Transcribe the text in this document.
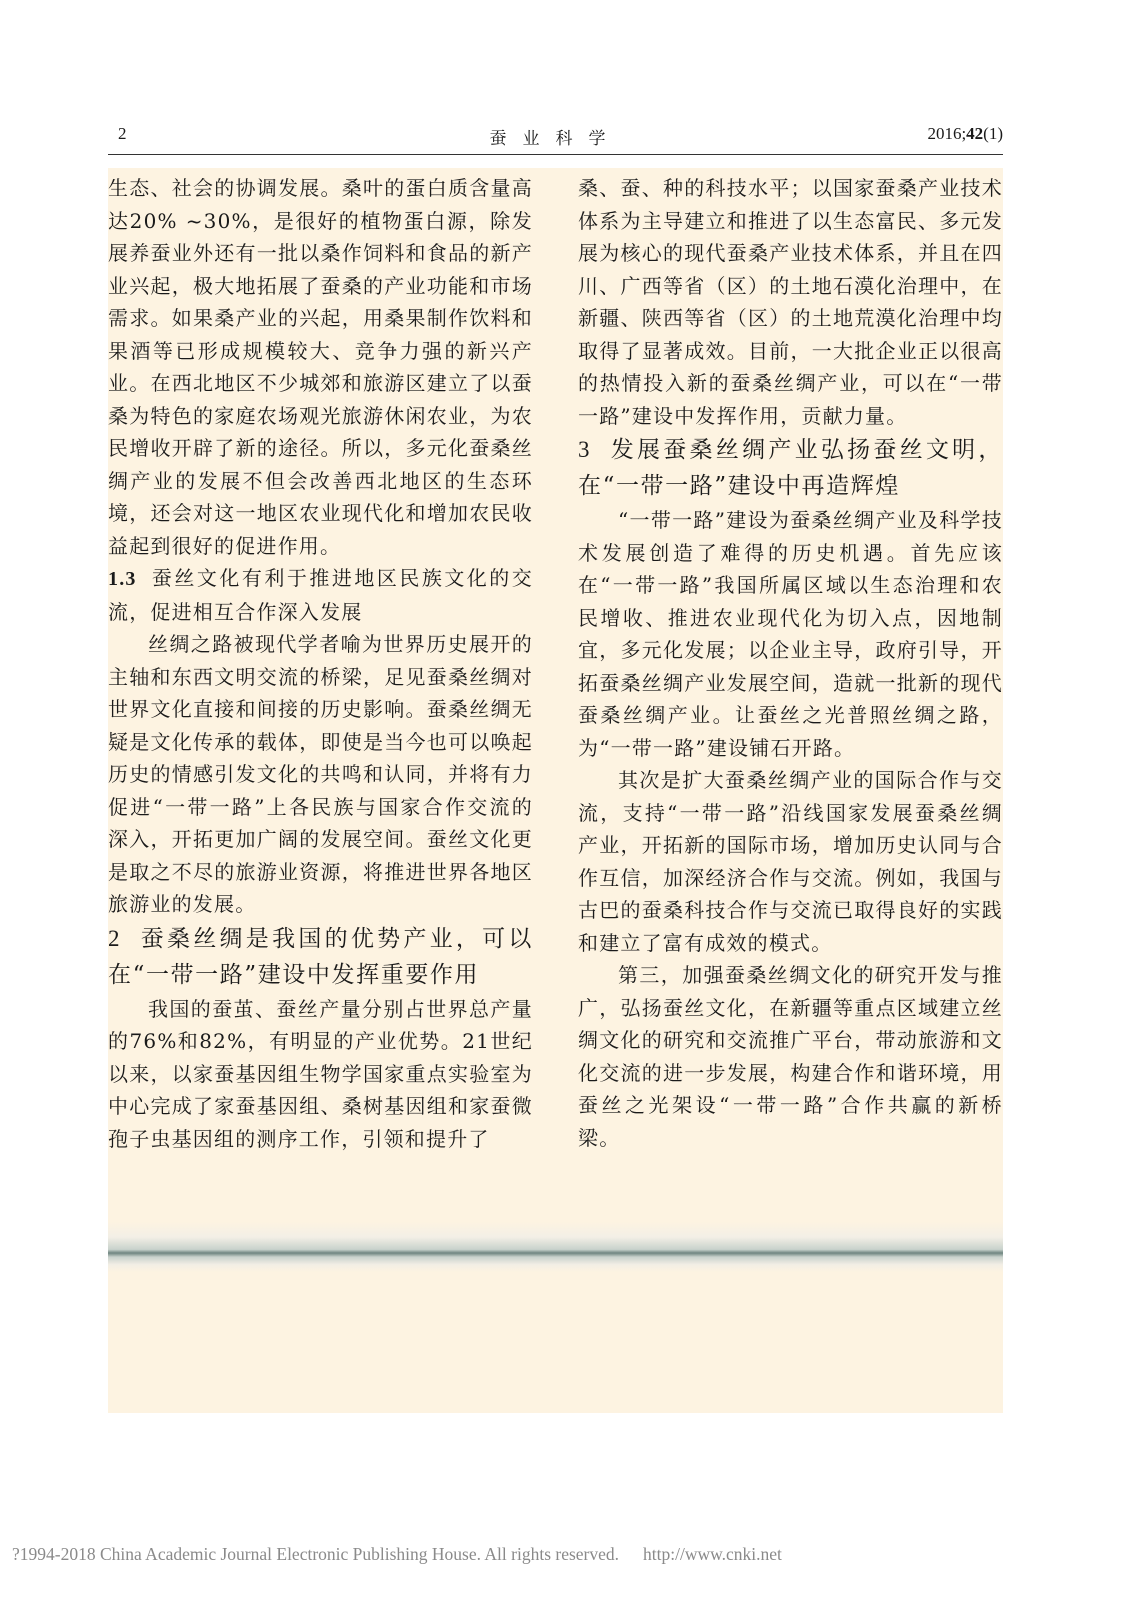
2	蚕业科学	2016;42(1)

生态、社会的协调发展。桑叶的蛋白质含量高达20% ~30%，是很好的植物蛋白源，除发展养蚕业外还有一批以桑作饲料和食品的新产业兴起，极大地拓展了蚕桑的产业功能和市场需求。如果桑产业的兴起，用桑果制作饮料和果酒等已形成规模较大、竞争力强的新兴产业。在西北地区不少城郊和旅游区建立了以蚕桑为特色的家庭农场观光旅游休闲农业，为农民增收开辟了新的途径。所以，多元化蚕桑丝绸产业的发展不但会改善西北地区的生态环境，还会对这一地区农业现代化和增加农民收益起到很好的促进作用。

1.3 蚕丝文化有利于推进地区民族文化的交流，促进相互合作深入发展

丝绸之路被现代学者喻为世界历史展开的主轴和东西文明交流的桥梁，足见蚕桑丝绸对世界文化直接和间接的历史影响。蚕桑丝绸无疑是文化传承的载体，即使是当今也可以唤起历史的情感引发文化的共鸣和认同，并将有力促进“一带一路”上各民族与国家合作交流的深入，开拓更加广阔的发展空间。蚕丝文化更是取之不尽的旅游业资源，将推进世界各地区旅游业的发展。

2 蚕桑丝绸是我国的优势产业，可以在“一带一路”建设中发挥重要作用

我国的蚕茧、蚕丝产量分别占世界总产量的76%和82%，有明显的产业优势。21世纪以来，以家蚕基因组生物学国家重点实验室为中心完成了家蚕基因组、桑树基因组和家蚕微孢子虫基因组的测序工作，引领和提升了

桑、蚕、种的科技水平；以国家蚕桑产业技术体系为主导建立和推进了以生态富民、多元发展为核心的现代蚕桑产业技术体系，并且在四川、广西等省（区）的土地石漠化治理中，在新疆、陕西等省（区）的土地荒漠化治理中均取得了显著成效。目前，一大批企业正以很高的热情投入新的蚕桑丝绸产业，可以在“一带一路”建设中发挥作用，贡献力量。

3 发展蚕桑丝绸产业弘扬蚕丝文明，在“一带一路”建设中再造辉煌

“一带一路”建设为蚕桑丝绸产业及科学技术发展创造了难得的历史机遇。首先应该在“一带一路”我国所属区域以生态治理和农民增收、推进农业现代化为切入点，因地制宜，多元化发展；以企业主导，政府引导，开拓蚕桑丝绸产业发展空间，造就一批新的现代蚕桑丝绸产业。让蚕丝之光普照丝绸之路，为“一带一路”建设铺石开路。

其次是扩大蚕桑丝绸产业的国际合作与交流，支持“一带一路”沿线国家发展蚕桑丝绸产业，开拓新的国际市场，增加历史认同与合作互信，加深经济合作与交流。例如，我国与古巴的蚕桑科技合作与交流已取得良好的实践和建立了富有成效的模式。

第三，加强蚕桑丝绸文化的研究开发与推广，弘扬蚕丝文化，在新疆等重点区域建立丝绸文化的研究和交流推广平台，带动旅游和文化交流的进一步发展，构建合作和谐环境，用蚕丝之光架设“一带一路”合作共赢的新桥梁。

?1994-2018 China Academic Journal Electronic Publishing House. All rights reserved. http://www.cnki.net
